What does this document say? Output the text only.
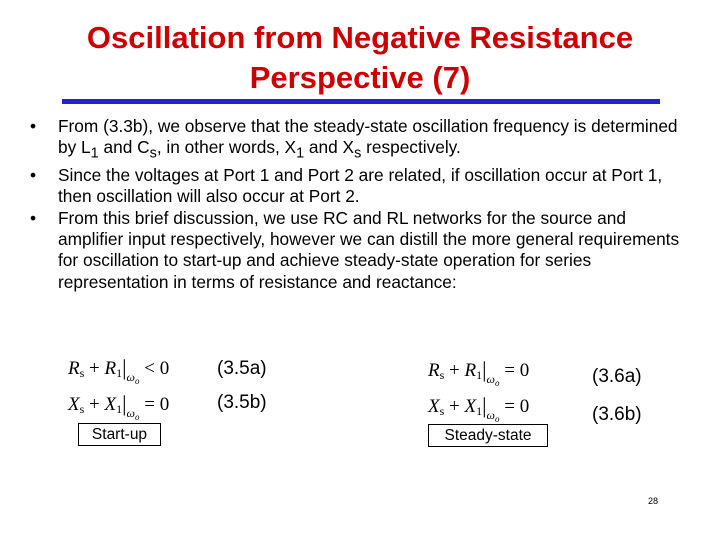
Oscillation from Negative Resistance
Perspective (7)
• From (3.3b), we observe that the steady-state oscillation frequency is determined by $L_1$ and $C_s$, in other words, $X_1$ and $X_s$ respectively.
• Since the voltages at Port 1 and Port 2 are related, if oscillation occur at Port 1, then oscillation will also occur at Port 2.
• From this brief discussion, we use RC and RL networks for the source and amplifier input respectively, however we can distill the more general requirements for oscillation to start-up and achieve steady-state operation for series representation in terms of resistance and reactance:
$R_s + R_1|_{\omega_o} < 0$
$X_s + X_1|_{\omega_o} = 0$
(3.5a)
(3.5b)
$R_s + R_1|_{\omega_o} = 0$
$X_s + X_1|_{\omega_o} = 0$
(3.6a)
(3.6b)
Start-up	Steady-state
28
